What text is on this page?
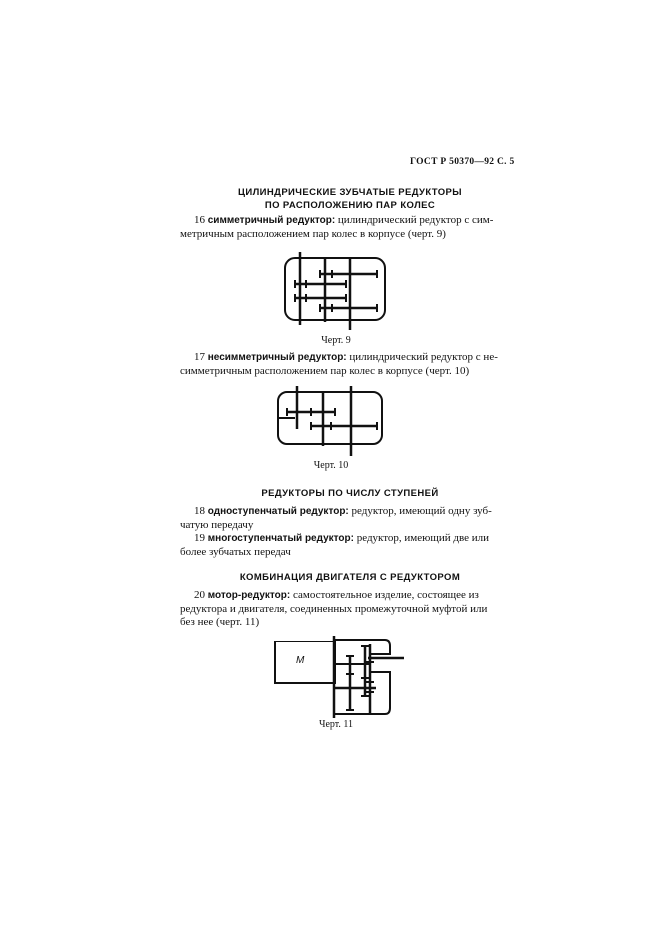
ГОСТ Р 50370—92 С. 5
ЦИЛИНДРИЧЕСКИЕ ЗУБЧАТЫЕ РЕДУКТОРЫ
ПО РАСПОЛОЖЕНИЮ ПАР КОЛЕС
16 симметричный редуктор: цилиндрический редуктор с сим-
метричным расположением пар колес в корпусе (черт. 9)
Черт. 9
17 несимметричный редуктор: цилиндрический редуктор с не-
симметричным расположением пар колес в корпусе (черт. 10)
Черт. 10
РЕДУКТОРЫ ПО ЧИСЛУ СТУПЕНЕЙ
18 одноступенчатый редуктор: редуктор, имеющий одну зуб-
чатую передачу
19 многоступенчатый редуктор: редуктор, имеющий две или
более зубчатых передач
КОМБИНАЦИЯ ДВИГАТЕЛЯ С РЕДУКТОРОМ
20 мотор-редуктор: самостоятельное изделие, состоящее из
редуктора и двигателя, соединенных промежуточной муфтой или
без нее (черт. 11)
М
Черт. 11
